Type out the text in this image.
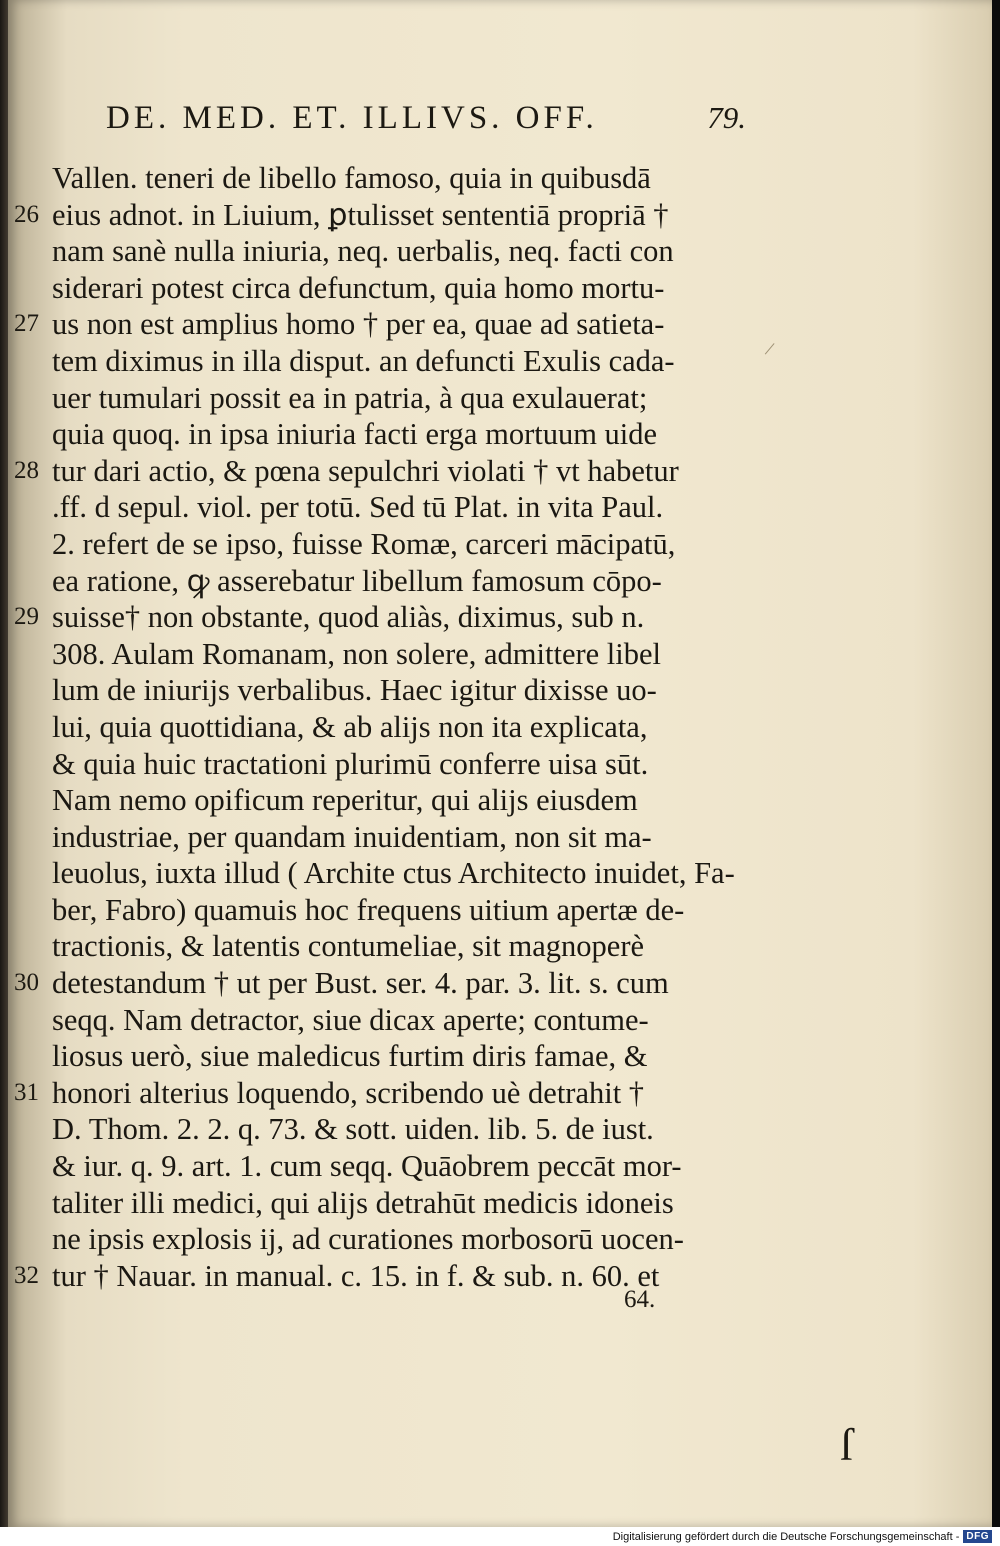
DE. MED. ET. ILLIVS. OFF.	79.
26
27
28
29
30
31
32
Vallen. teneri de libello famoso, quia in quibusdā
eius adnot. in Liuium, ꝑtulisset sententiā propriā †
nam sanè nulla iniuria, neq. uerbalis, neq. facti con
siderari potest circa defunctum, quia homo mortu-
us non est amplius homo † per ea, quae ad satieta-
tem diximus in illa disput. an defuncti Exulis cada-
uer tumulari possit ea in patria, à qua exulauerat;
quia quoq. in ipsa iniuria facti erga mortuum uide
tur dari actio, & pœna sepulchri violati † vt habetur
.ff. d sepul. viol. per totū. Sed tū Plat. in vita Paul.
2. refert de se ipso, fuisse Romæ, carceri mācipatū,
ea ratione, ꝙ asserebatur libellum famosum cōpo-
suisse† non obstante, quod aliàs, diximus, sub n.
308. Aulam Romanam, non solere, admittere libel
lum de iniurijs verbalibus. Haec igitur dixisse uo-
lui, quia quottidiana, & ab alijs non ita explicata,
& quia huic tractationi plurimū conferre uisa sūt.
Nam nemo opificum reperitur, qui alijs eiusdem
industriae, per quandam inuidentiam, non sit ma-
leuolus, iuxta illud ( Archite ctus Architecto inuidet, Fa-
ber, Fabro) quamuis hoc frequens uitium apertæ de-
tractionis, & latentis contumeliae, sit magnoperè
detestandum † ut per Bust. ser. 4. par. 3. lit. s. cum
seqq. Nam detractor, siue dicax aperte; contume-
liosus uerò, siue maledicus furtim diris famae, &
honori alterius loquendo, scribendo uè detrahit †
D. Thom. 2. 2. q. 73. & sott. uiden. lib. 5. de iust.
& iur. q. 9. art. 1. cum seqq. Quāobrem peccāt mor-
taliter illi medici, qui alijs detrahūt medicis idoneis
ne ipsis explosis ij, ad curationes morbosorū uocen-
tur † Nauar. in manual. c. 15. in f. & sub. n. 60. et
64.
ſ
Digitalisierung gefördert durch die Deutsche Forschungsgemeinschaft - DFG
